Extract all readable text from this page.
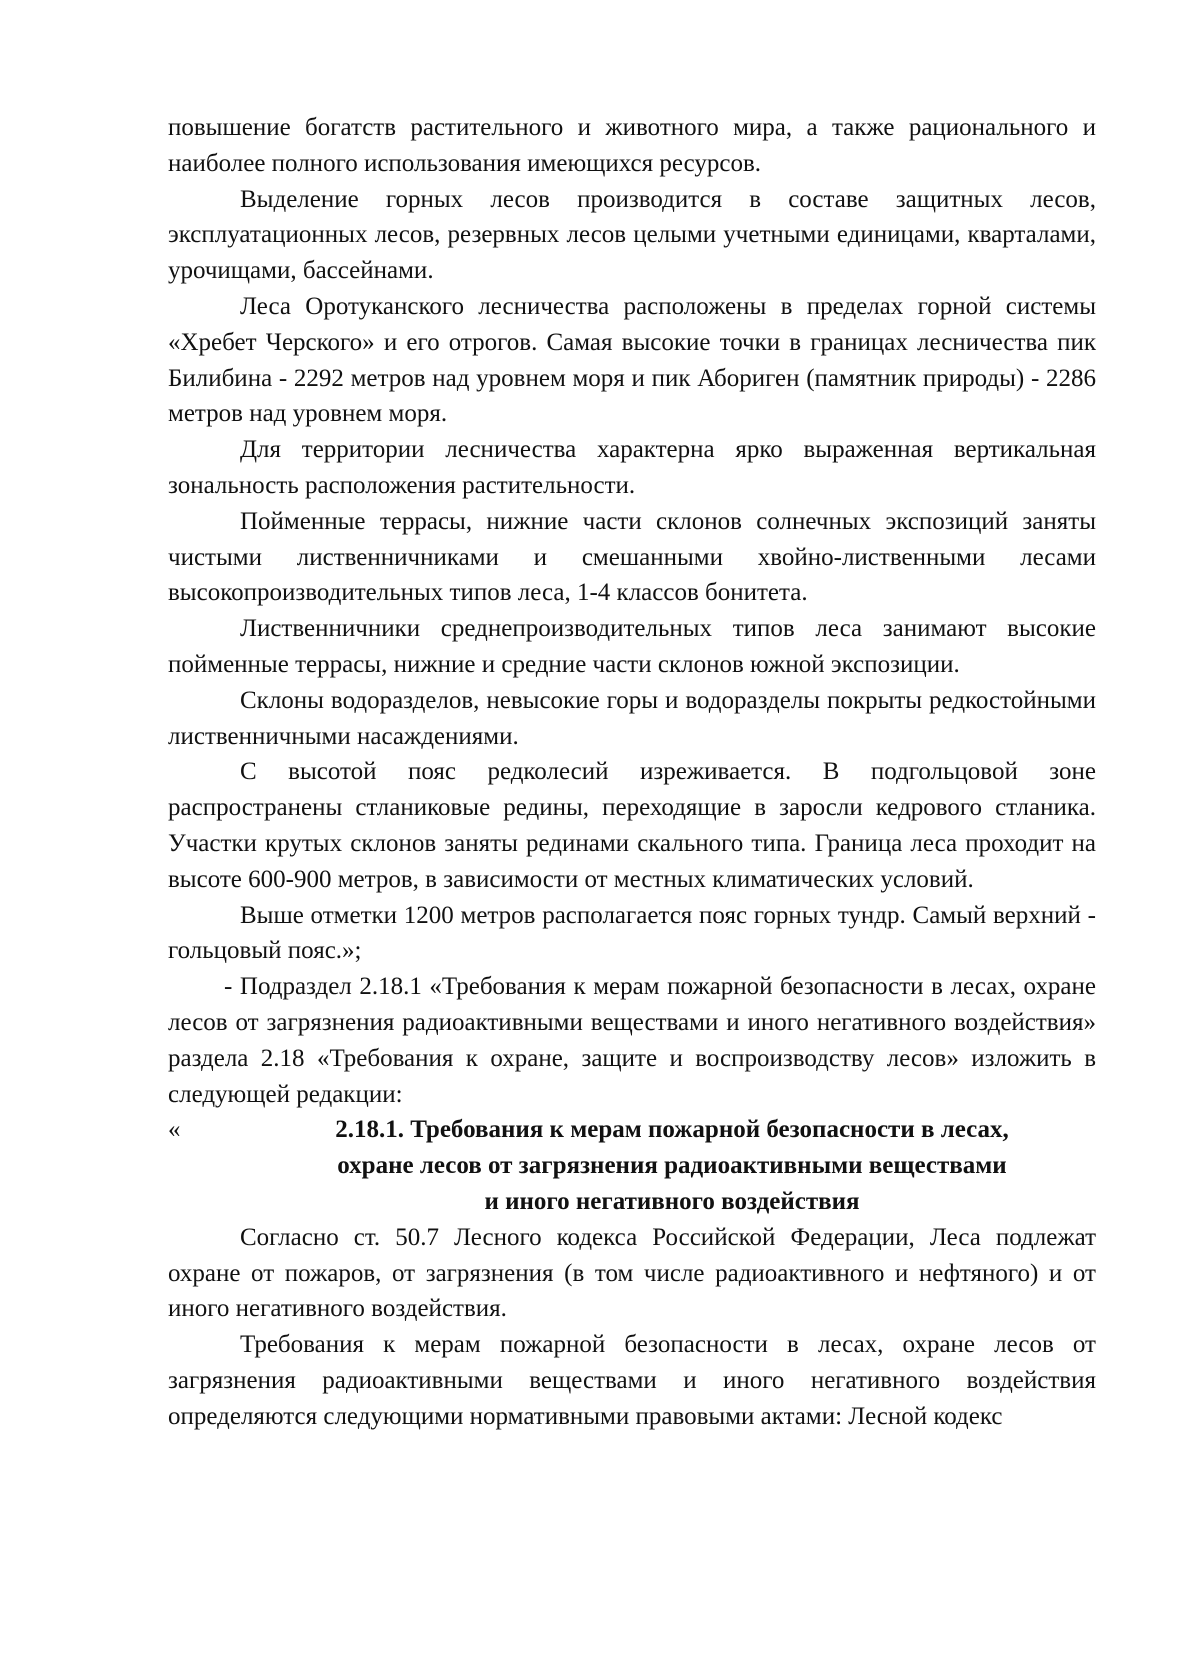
повышение богатств растительного и животного мира, а также рационального и наиболее полного использования имеющихся ресурсов.

Выделение горных лесов производится в составе защитных лесов, эксплуатационных лесов, резервных лесов целыми учетными единицами, кварталами, урочищами, бассейнами.

Леса Оротуканского лесничества расположены в пределах горной системы «Хребет Черского» и его отрогов. Самая высокие точки в границах лесничества пик Билибина - 2292 метров над уровнем моря и пик Абориген (памятник природы) - 2286 метров над уровнем моря.

Для территории лесничества характерна ярко выраженная вертикальная зональность расположения растительности.

Пойменные террасы, нижние части склонов солнечных экспозиций заняты чистыми лиственничниками и смешанными хвойно-лиственными лесами высокопроизводительных типов леса, 1-4 классов бонитета.

Лиственничники среднепроизводительных типов леса занимают высокие пойменные террасы, нижние и средние части склонов южной экспозиции.

Склоны водоразделов, невысокие горы и водоразделы покрыты редкостойными лиственничными насаждениями.

С высотой пояс редколесий изреживается. В подгольцовой зоне распространены стланиковые редины, переходящие в заросли кедрового стланика. Участки крутых склонов заняты рединами скального типа. Граница леса проходит на высоте 600-900 метров, в зависимости от местных климатических условий.

Выше отметки 1200 метров располагается пояс горных тундр. Самый верхний - гольцовый пояс.»;

- Подраздел 2.18.1 «Требования к мерам пожарной безопасности в лесах, охране лесов от загрязнения радиоактивными веществами и иного негативного воздействия» раздела 2.18 «Требования к охране, защите и воспроизводству лесов» изложить в следующей редакции:

«	2.18.1. Требования к мерам пожарной безопасности в лесах,
охране лесов от загрязнения радиоактивными веществами
и иного негативного воздействия

Согласно ст. 50.7 Лесного кодекса Российской Федерации, Леса подлежат охране от пожаров, от загрязнения (в том числе радиоактивного и нефтяного) и от иного негативного воздействия.

Требования к мерам пожарной безопасности в лесах, охране лесов от загрязнения радиоактивными веществами и иного негативного воздействия определяются следующими нормативными правовыми актами: Лесной кодекс
